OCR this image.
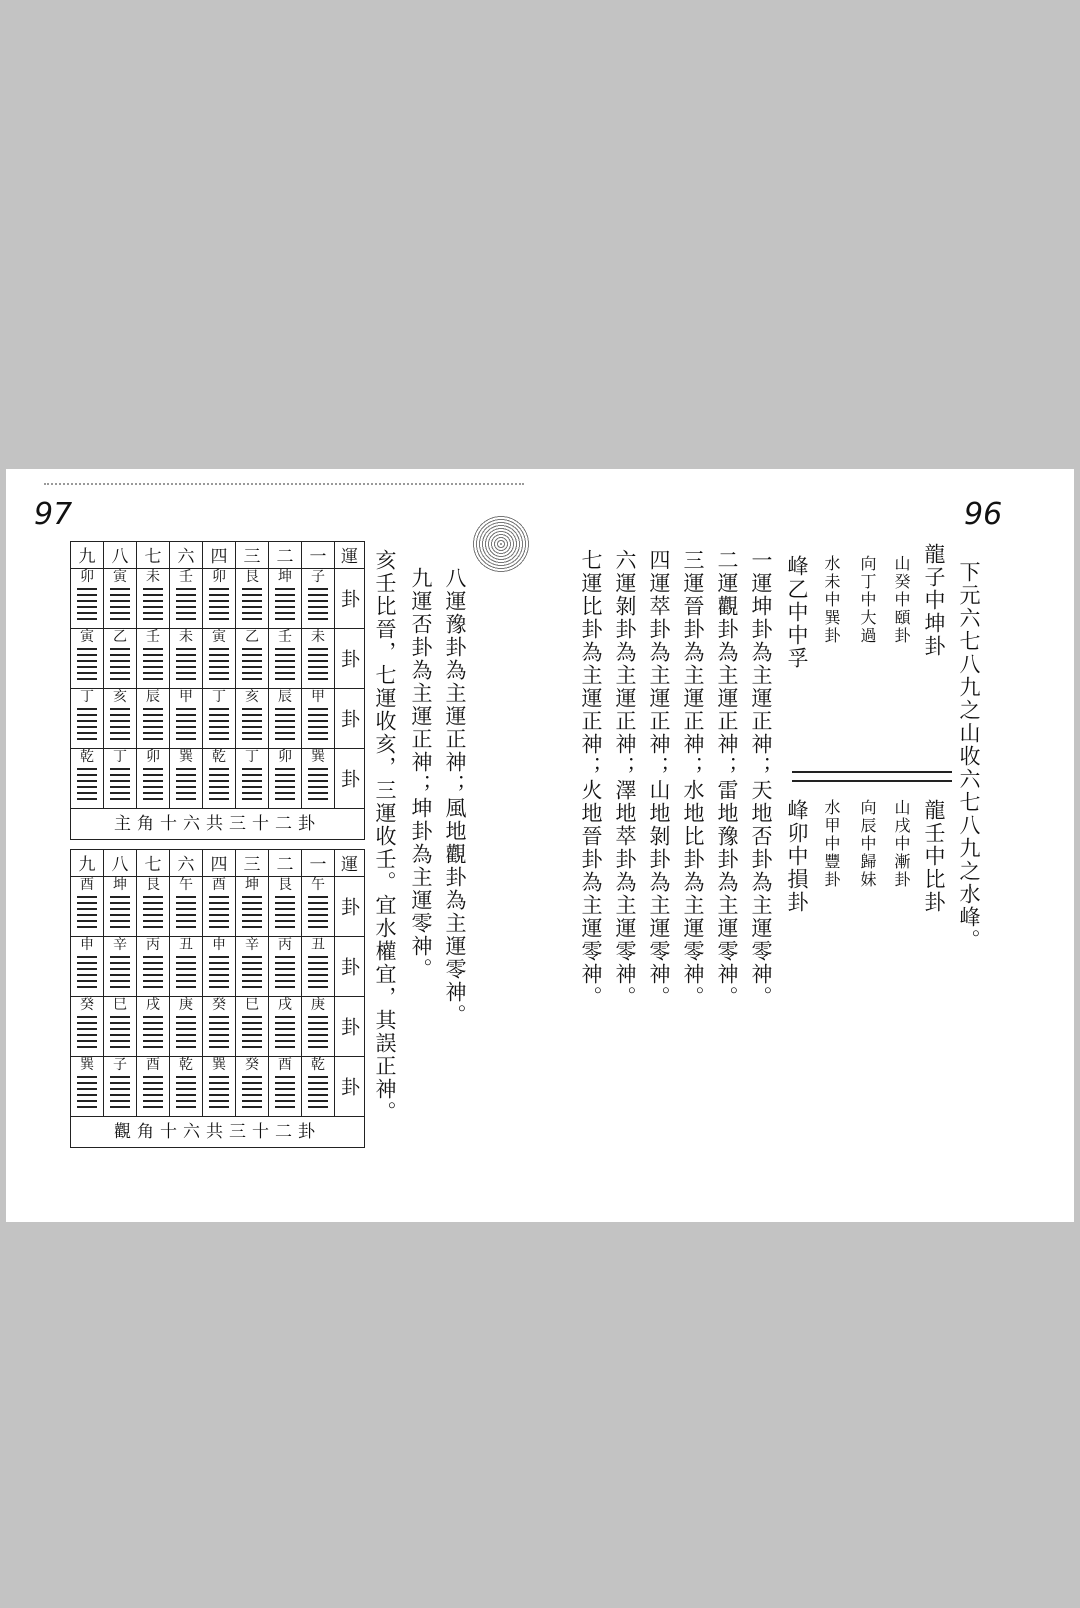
97	96
下元六七八九之山收六七八九之水峰。
龍子中坤卦
山癸中頤卦
向丁中大過
水未中巽卦
峰乙中中孚
龍壬中比卦
山戌中漸卦
向辰中歸妹
水甲中豐卦
峰卯中損卦
一運坤卦為主運正神；天地否卦為主運零神。
二運觀卦為主運正神；雷地豫卦為主運零神。
三運晉卦為主運正神；水地比卦為主運零神。
四運萃卦為主運正神；山地剝卦為主運零神。
六運剝卦為主運正神；澤地萃卦為主運零神。
七運比卦為主運正神；火地晉卦為主運零神。
八運豫卦為主運正神；風地觀卦為主運零神。
九運否卦為主運正神；坤卦為主運零神。
亥壬比晉，七運收亥，三運收壬。宜水權宜，其誤正神。
九	八	七	六	四	三	二	一	運

卯	寅	未	壬	卯	艮	坤	子	卦

寅	乙	壬	未	寅	乙	壬	未	卦

丁	亥	辰	甲	丁	亥	辰	甲	卦

乾	丁	卯	巽	乾	丁	卯	巽	卦
主角十六共三十二卦								
九	八	七	六	四	三	二	一	運

酉	坤	艮	午	酉	坤	艮	午	卦

申	辛	丙	丑	申	辛	丙	丑	卦

癸	巳	戌	庚	癸	巳	戌	庚	卦

巽	子	酉	乾	巽	癸	酉	乾	卦
觀角十六共三十二卦								
